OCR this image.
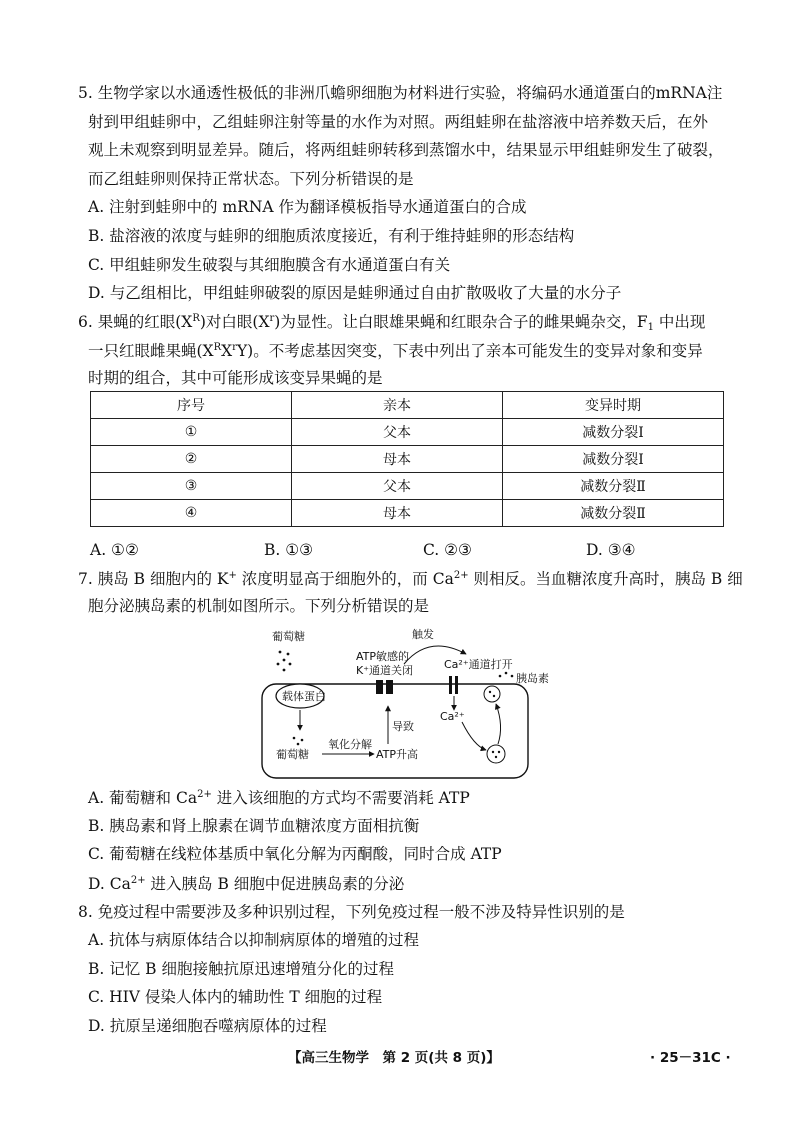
5. 生物学家以水通透性极低的非洲爪蟾卵细胞为材料进行实验，将编码水通道蛋白的mRNA注
射到甲组蛙卵中，乙组蛙卵注射等量的水作为对照。两组蛙卵在盐溶液中培养数天后，在外
观上未观察到明显差异。随后，将两组蛙卵转移到蒸馏水中，结果显示甲组蛙卵发生了破裂，
而乙组蛙卵则保持正常状态。下列分析错误的是
A. 注射到蛙卵中的 mRNA 作为翻译模板指导水通道蛋白的合成
B. 盐溶液的浓度与蛙卵的细胞质浓度接近，有利于维持蛙卵的形态结构
C. 甲组蛙卵发生破裂与其细胞膜含有水通道蛋白有关
D. 与乙组相比，甲组蛙卵破裂的原因是蛙卵通过自由扩散吸收了大量的水分子
6. 果蝇的红眼$(X^R)$对白眼$(X^r)$为显性。让白眼雄果蝇和红眼杂合子的雌果蝇杂交，$F_1$ 中出现
一只红眼雌果蝇$(X^RX^rY)$。不考虑基因突变，下表中列出了亲本可能发生的变异对象和变异
时期的组合，其中可能形成该变异果蝇的是
序号	亲本	变异时期
①	父本	减数分裂Ⅰ
②	母本	减数分裂Ⅰ
③	父本	减数分裂Ⅱ
④	母本	减数分裂Ⅱ
A. ①②	B. ①③	C. ②③	D. ③④
7. 胰岛 B 细胞内的 K+ 浓度明显高于细胞外的，而 $Ca^{2+}$ 则相反。当血糖浓度升高时，胰岛 B 细
胞分泌胰岛素的机制如图所示。下列分析错误的是
葡萄糖
载体蛋白
葡萄糖
氧化分解
ATP升高
导致
ATP敏感的
K⁺通道关闭
触发
Ca²⁺通道打开
胰岛素
Ca²⁺
A. 葡萄糖和 $Ca^{2+}$ 进入该细胞的方式均不需要消耗 ATP
B. 胰岛素和肾上腺素在调节血糖浓度方面相抗衡
C. 葡萄糖在线粒体基质中氧化分解为丙酮酸，同时合成 ATP
D. $Ca^{2+}$ 进入胰岛 B 细胞中促进胰岛素的分泌
8. 免疫过程中需要涉及多种识别过程，下列免疫过程一般不涉及特异性识别的是
A. 抗体与病原体结合以抑制病原体的增殖的过程
B. 记忆 B 细胞接触抗原迅速增殖分化的过程
C. HIV 侵染人体内的辅助性 T 细胞的过程
D. 抗原呈递细胞吞噬病原体的过程
【高三生物学　第 2 页(共 8 页)】	· 25－31C ·
